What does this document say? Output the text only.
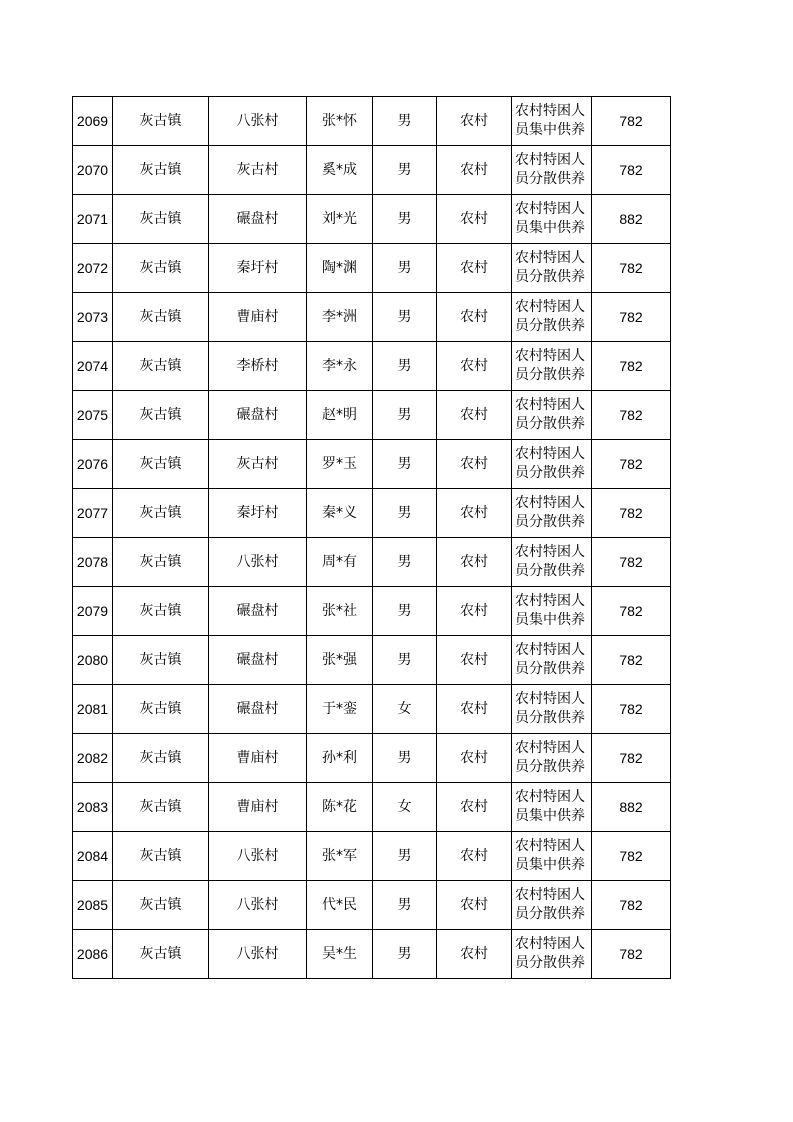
2069	灰古镇	八张村	张*怀	男	农村	农村特困人员集中供养	782
2070	灰古镇	灰古村	奚*成	男	农村	农村特困人员分散供养	782
2071	灰古镇	碾盘村	刘*光	男	农村	农村特困人员集中供养	882
2072	灰古镇	秦圩村	陶*渊	男	农村	农村特困人员分散供养	782
2073	灰古镇	曹庙村	李*洲	男	农村	农村特困人员分散供养	782
2074	灰古镇	李桥村	李*永	男	农村	农村特困人员分散供养	782
2075	灰古镇	碾盘村	赵*明	男	农村	农村特困人员分散供养	782
2076	灰古镇	灰古村	罗*玉	男	农村	农村特困人员分散供养	782
2077	灰古镇	秦圩村	秦*义	男	农村	农村特困人员分散供养	782
2078	灰古镇	八张村	周*有	男	农村	农村特困人员分散供养	782
2079	灰古镇	碾盘村	张*社	男	农村	农村特困人员集中供养	782
2080	灰古镇	碾盘村	张*强	男	农村	农村特困人员分散供养	782
2081	灰古镇	碾盘村	于*銮	女	农村	农村特困人员分散供养	782
2082	灰古镇	曹庙村	孙*利	男	农村	农村特困人员分散供养	782
2083	灰古镇	曹庙村	陈*花	女	农村	农村特困人员集中供养	882
2084	灰古镇	八张村	张*军	男	农村	农村特困人员集中供养	782
2085	灰古镇	八张村	代*民	男	农村	农村特困人员分散供养	782
2086	灰古镇	八张村	吴*生	男	农村	农村特困人员分散供养	782
